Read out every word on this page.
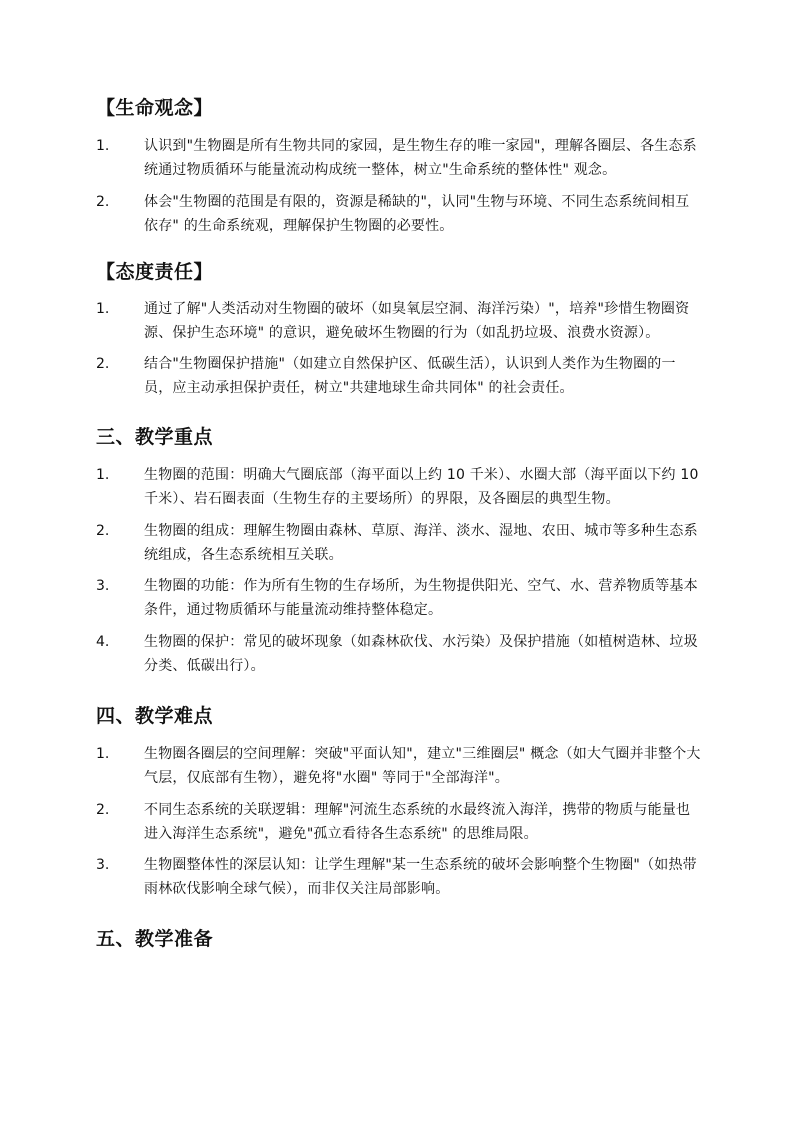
【生命观念】
1. 认识到"生物圈是所有生物共同的家园，是生物生存的唯一家园"，理解各圈层、各生态系统通过物质循环与能量流动构成统一整体，树立"生命系统的整体性" 观念。
2. 体会"生物圈的范围是有限的，资源是稀缺的"，认同"生物与环境、不同生态系统间相互依存" 的生命系统观，理解保护生物圈的必要性。
【态度责任】
1. 通过了解"人类活动对生物圈的破坏（如臭氧层空洞、海洋污染）"，培养"珍惜生物圈资源、保护生态环境" 的意识，避免破坏生物圈的行为（如乱扔垃圾、浪费水资源）。
2. 结合"生物圈保护措施"（如建立自然保护区、低碳生活），认识到人类作为生物圈的一员，应主动承担保护责任，树立"共建地球生命共同体" 的社会责任。
三、教学重点
1. 生物圈的范围：明确大气圈底部（海平面以上约 10 千米）、水圈大部（海平面以下约 10 千米）、岩石圈表面（生物生存的主要场所）的界限，及各圈层的典型生物。
2. 生物圈的组成：理解生物圈由森林、草原、海洋、淡水、湿地、农田、城市等多种生态系统组成，各生态系统相互关联。
3. 生物圈的功能：作为所有生物的生存场所，为生物提供阳光、空气、水、营养物质等基本条件，通过物质循环与能量流动维持整体稳定。
4. 生物圈的保护：常见的破坏现象（如森林砍伐、水污染）及保护措施（如植树造林、垃圾分类、低碳出行）。
四、教学难点
1. 生物圈各圈层的空间理解：突破"平面认知"，建立"三维圈层" 概念（如大气圈并非整个大气层，仅底部有生物），避免将"水圈" 等同于"全部海洋"。
2. 不同生态系统的关联逻辑：理解"河流生态系统的水最终流入海洋，携带的物质与能量也进入海洋生态系统"，避免"孤立看待各生态系统" 的思维局限。
3. 生物圈整体性的深层认知：让学生理解"某一生态系统的破坏会影响整个生物圈"（如热带雨林砍伐影响全球气候），而非仅关注局部影响。
五、教学准备
